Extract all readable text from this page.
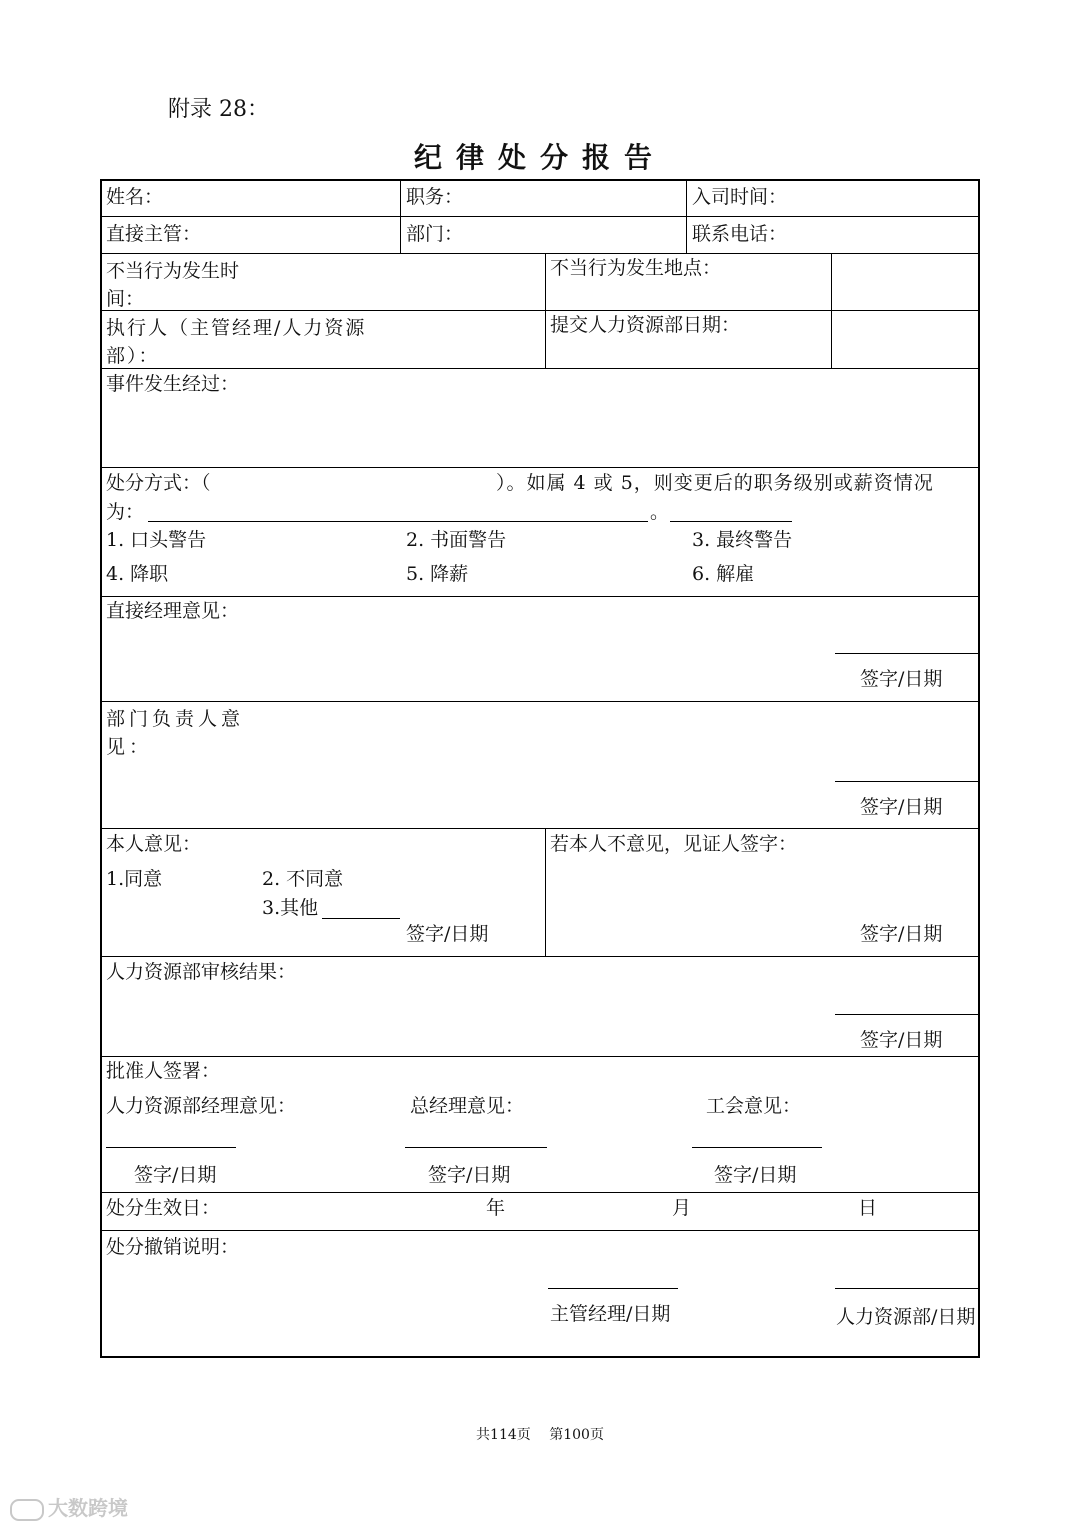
附录 28：
纪律处分报告
姓名：	职务：	入司时间：
直接主管：	部门：	联系电话：
不当行为发生时间：
不当行为发生地点：
执行人（主管经理/人力资源部）：
提交人力资源部日期：
事件发生经过：
处分方式：（	）。如属 4 或 5，则变更后的职务级别或薪资情况
为：	。
1. 口头警告	2. 书面警告	3. 最终警告
4. 降职	5. 降薪	6. 解雇
直接经理意见：
签字/日期
部门负责人意见：
签字/日期
本人意见：
1.同意	2. 不同意
3.其他
签字/日期
若本人不意见，见证人签字：
签字/日期
人力资源部审核结果：
签字/日期
批准人签署：
人力资源部经理意见：	总经理意见：	工会意见：
签字/日期	签字/日期	签字/日期
处分生效日：	年	月	日
处分撤销说明：
主管经理/日期	人力资源部/日期
共114页　 第100页
大数跨境
